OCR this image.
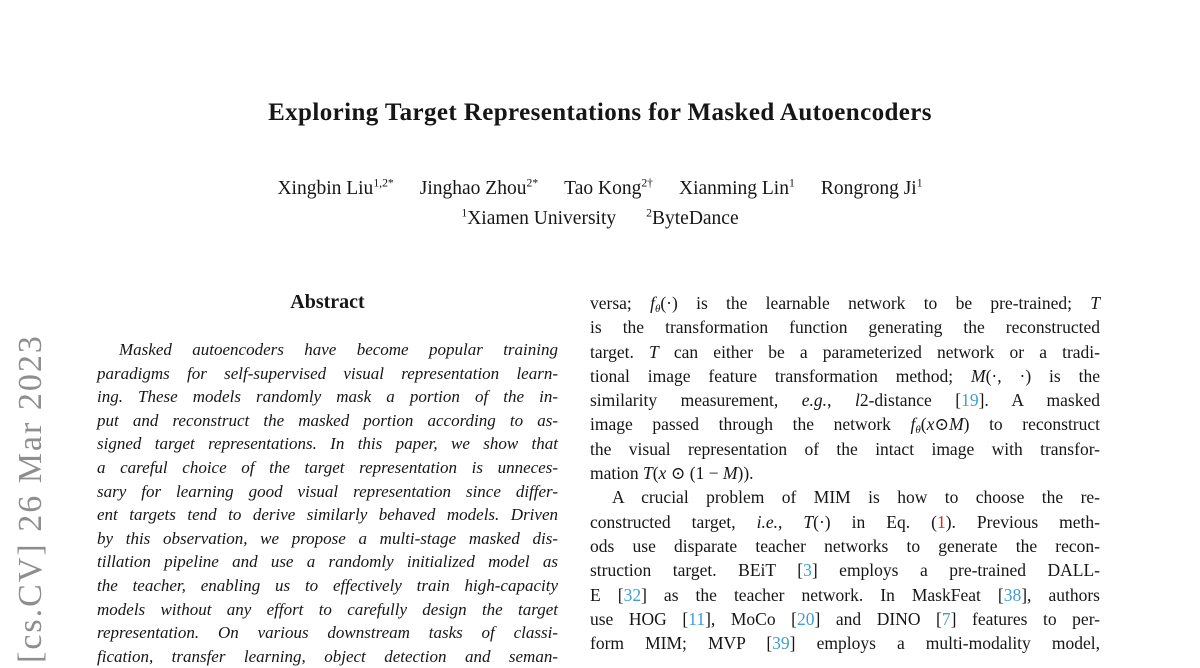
[cs.CV] 26 Mar 2023
Exploring Target Representations for Masked Autoencoders
Xingbin Liu$^{1,2*}$ Jinghao Zhou$^{2*}$ Tao Kong$^{2\dagger}$ Xianming Lin$^1$ Rongrong Ji$^1$
$^1$Xiamen University	$^2$ByteDance
Abstract
Masked autoencoders have become popular training
paradigms for self-supervised visual representation learn-
ing. These models randomly mask a portion of the in-
put and reconstruct the masked portion according to as-
signed target representations. In this paper, we show that
a careful choice of the target representation is unneces-
sary for learning good visual representation since differ-
ent targets tend to derive similarly behaved models. Driven
by this observation, we propose a multi-stage masked dis-
tillation pipeline and use a randomly initialized model as
the teacher, enabling us to effectively train high-capacity
models without any effort to carefully design the target
representation. On various downstream tasks of classi-
fication, transfer learning, object detection and seman-
versa; fθ(·) is the learnable network to be pre-trained; T
is the transformation function generating the reconstructed
target. T can either be a parameterized network or a tradi-
tional image feature transformation method; M(·, ·) is the
similarity measurement, e.g., l2-distance [19]. A masked
image passed through the network fθ(x⊙M) to reconstruct
the visual representation of the intact image with transfor-
mation T(x ⊙ (1 − M)).
A crucial problem of MIM is how to choose the re-
constructed target, i.e., T(·) in Eq. (1). Previous meth-
ods use disparate teacher networks to generate the recon-
struction target. BEiT [3] employs a pre-trained DALL-
E [32] as the teacher network. In MaskFeat [38], authors
use HOG [11], MoCo [20] and DINO [7] features to per-
form MIM; MVP [39] employs a multi-modality model,
